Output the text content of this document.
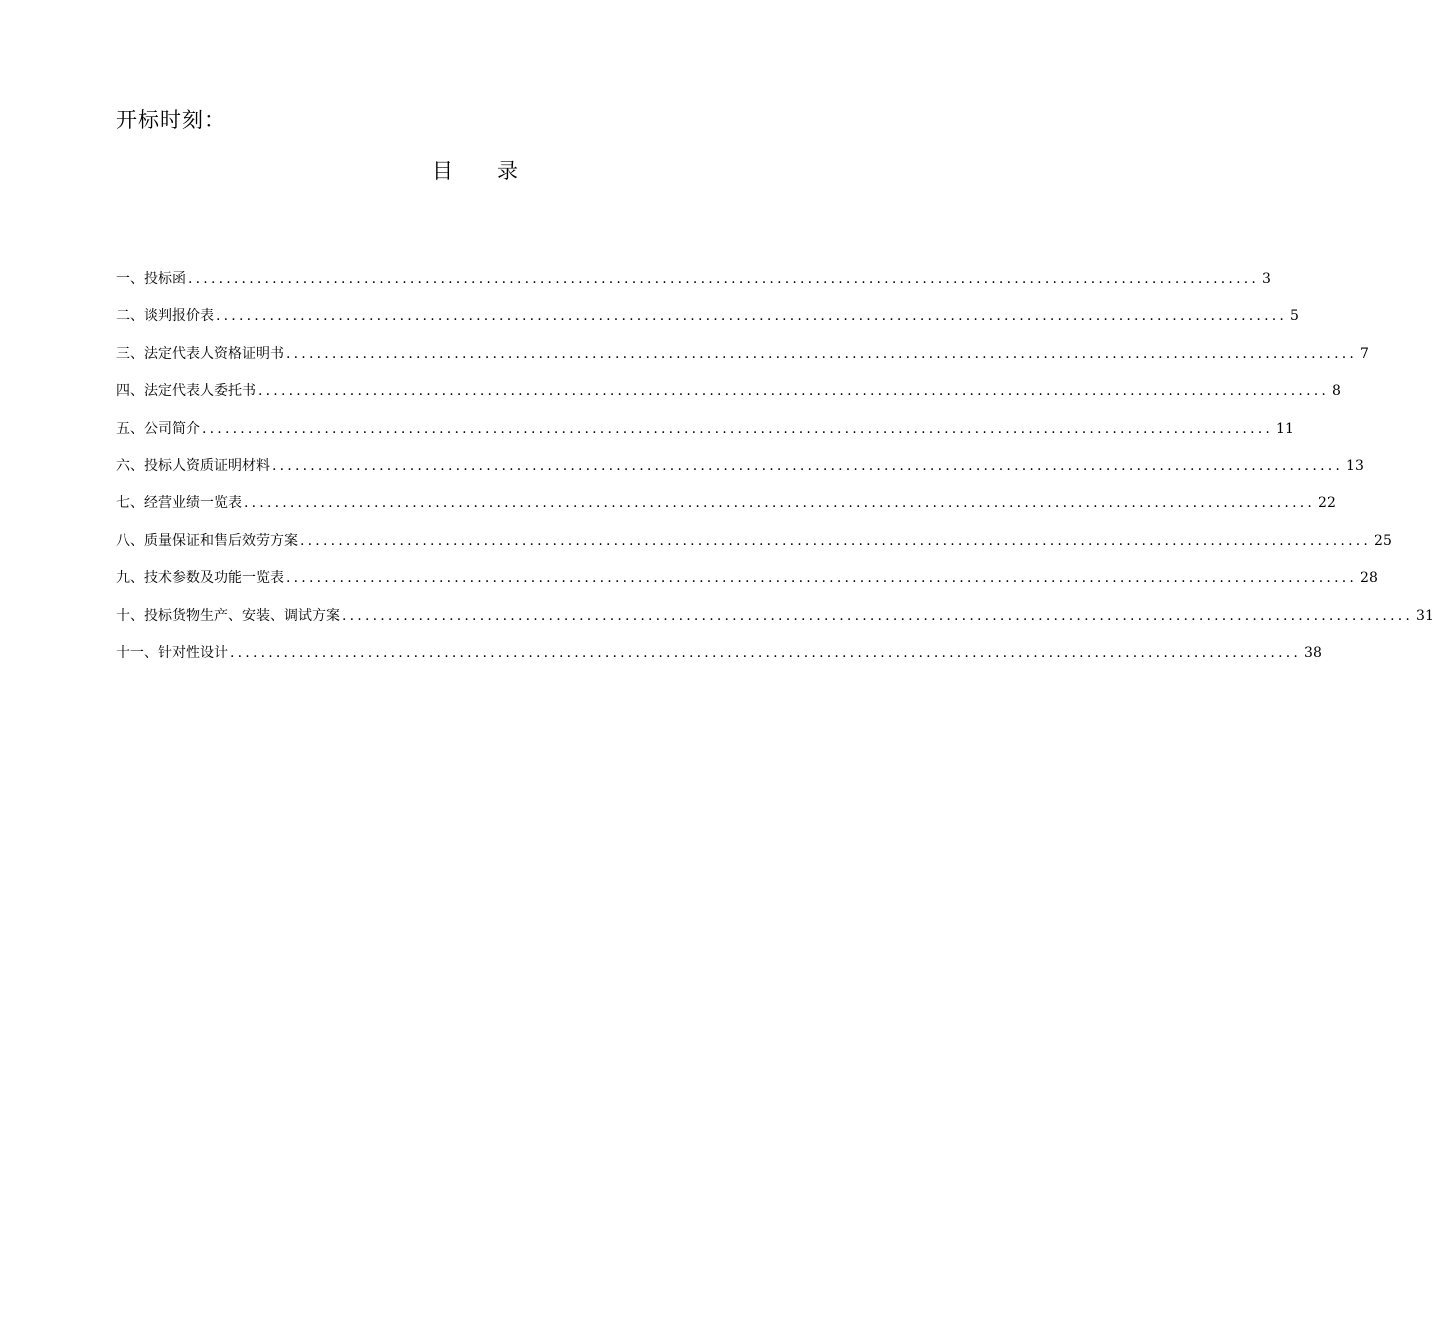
开标时刻：
目录
一、投标函 ............................................................................................................................................ 3
二、谈判报价表 ............................................................................................................................................ 5
三、法定代表人资格证明书 ............................................................................................................................................ 7
四、法定代表人委托书 ............................................................................................................................................ 8
五、公司简介 ............................................................................................................................................ 11
六、投标人资质证明材料 ............................................................................................................................................ 13
七、经营业绩一览表 ............................................................................................................................................ 22
八、质量保证和售后效劳方案 ............................................................................................................................................ 25
九、技术参数及功能一览表 ............................................................................................................................................ 28
十、投标货物生产、安装、调试方案 ............................................................................................................................................ 31
十一、针对性设计 ............................................................................................................................................ 38
